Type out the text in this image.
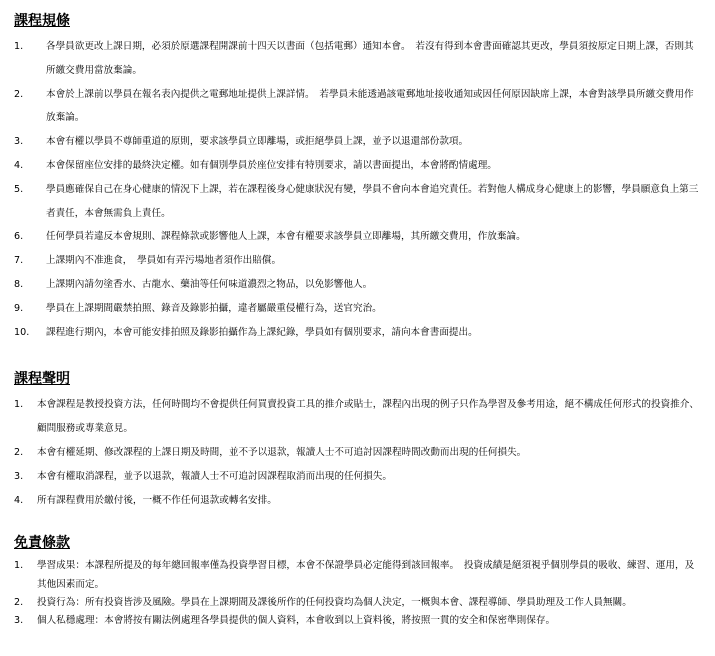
課程規條
1. 各學員欲更改上課日期，必須於原選課程開課前十四天以書面（包括電郵）通知本會。　若沒有得到本會書面確認其更改，學員須按原定日期上課，否則其所繳交費用當放棄論。
2. 本會於上課前以學員在報名表內提供之電郵地址提供上課詳情。　若學員未能透過該電郵地址接收通知或因任何原因缺席上課，本會對該學員所繳交費用作放棄論。
3. 本會有權以學員不尊師重道的原則，要求該學員立即離場，或拒絕學員上課，並予以退還部份款項。
4. 本會保留座位安排的最終決定權。如有個別學員於座位安排有特別要求，請以書面提出，本會將酌情處理。
5. 學員應確保自己在身心健康的情況下上課，若在課程後身心健康狀況有變，學員不會向本會追究責任。若對他人構成身心健康上的影響，學員願意負上第三者責任，本會無需負上責任。
6. 任何學員若違反本會規則、課程條款或影響他人上課，本會有權要求該學員立即離場，其所繳交費用，作放棄論。
7. 上課期內不准進食，　學員如有弄污場地者須作出賠償。
8. 上課期內請勿塗香水、古龍水、藥油等任何味道濃烈之物品，以免影響他人。
9. 學員在上課期間嚴禁拍照、錄音及錄影拍攝，違者屬嚴重侵權行為，送官究治。
10. 課程進行期內，本會可能安排拍照及錄影拍攝作為上課紀錄，學員如有個別要求，請向本會書面提出。
課程聲明
1. 本會課程是教授投資方法，任何時間均不會提供任何買賣投資工具的推介或貼士，課程內出現的例子只作為學習及參考用途，絕不構成任何形式的投資推介、顧問服務或專業意見。
2. 本會有權延期、修改課程的上課日期及時間，並不予以退款，報讀人士不可追討因課程時間改動而出現的任何損失。
3. 本會有權取消課程，並予以退款，報讀人士不可追討因課程取消而出現的任何損失。
4. 所有課程費用於繳付後，一概不作任何退款或轉名安排。
免責條款
1. 學習成果：本課程所提及的每年總回報率僅為投資學習目標，本會不保證學員必定能得到該回報率。　投資成績是絕須視乎個別學員的吸收、練習、運用，及其他因素而定。
2. 投資行為：所有投資皆涉及風險。學員在上課期間及課後所作的任何投資均為個人決定，一概與本會、課程導師、學員助理及工作人員無關。
3. 個人私穩處理：本會將按有關法例處理各學員提供的個人資料，本會收到以上資料後，將按照一貫的安全和保密準則保存。
